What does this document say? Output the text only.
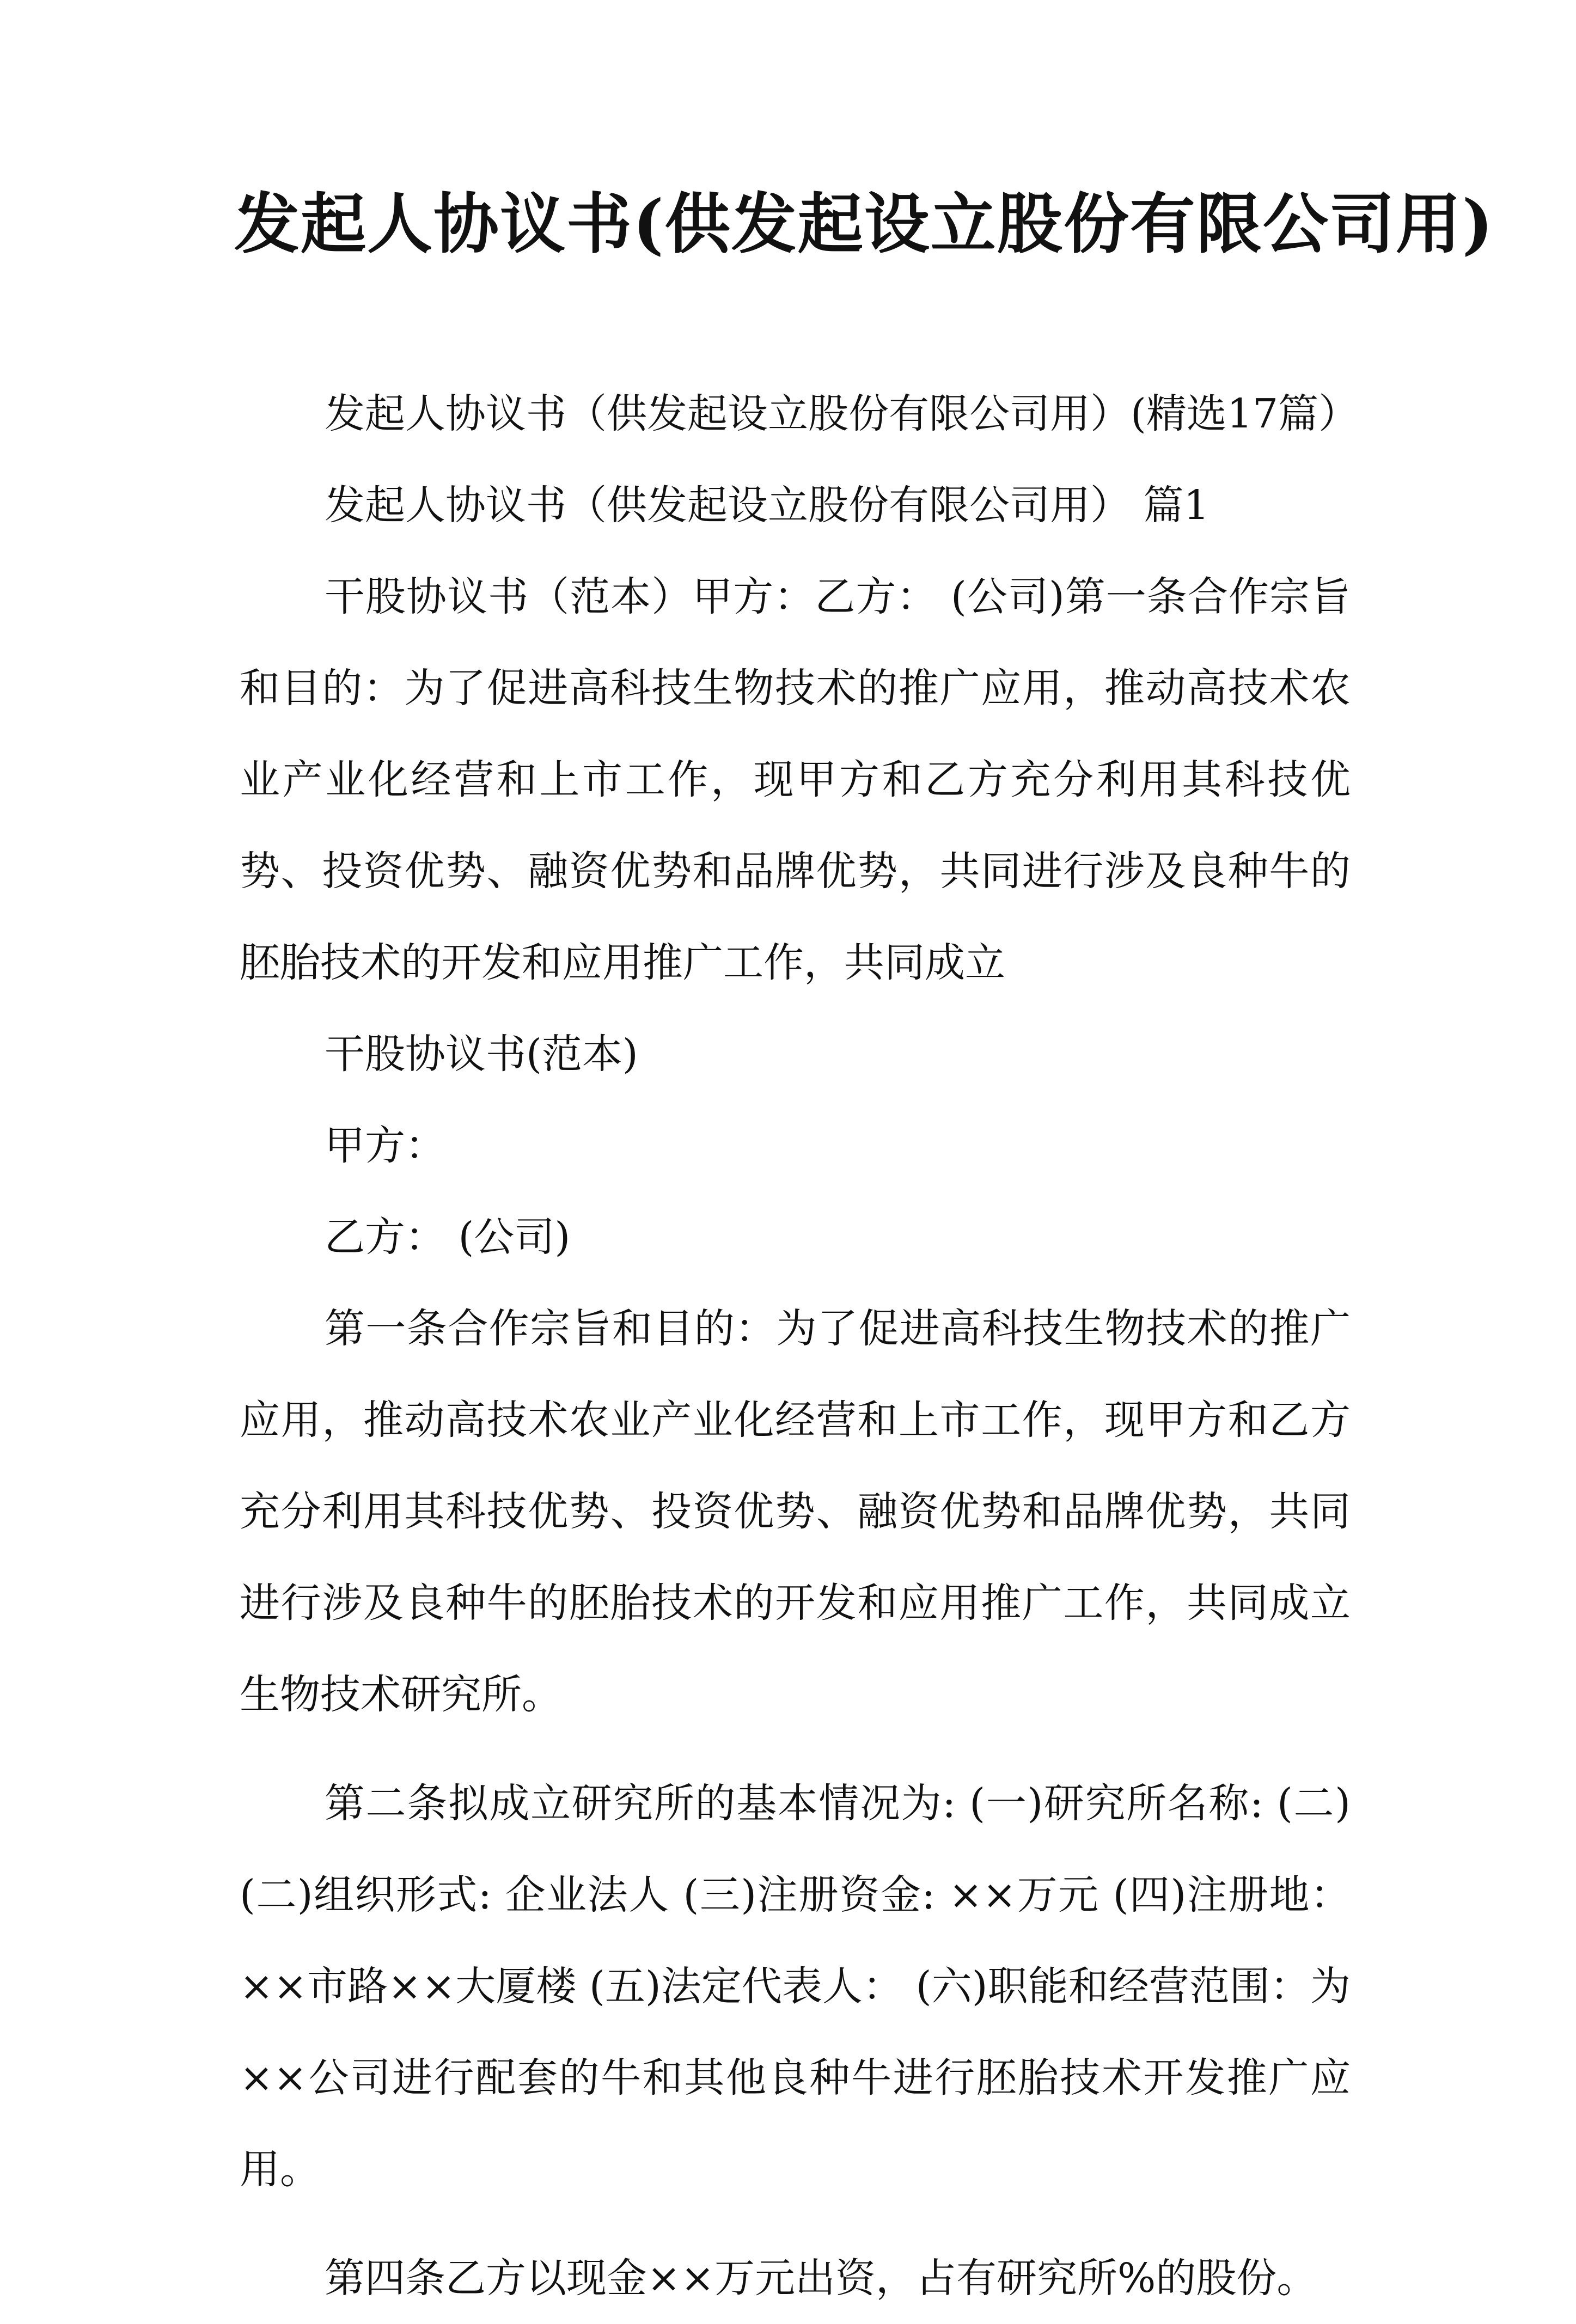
发起人协议书(供发起设立股份有限公司用)

发起人协议书（供发起设立股份有限公司用）(精选17篇）

发起人协议书（供发起设立股份有限公司用） 篇1

干股协议书（范本）甲方：乙方： (公司)第一条合作宗旨和目的：为了促进高科技生物技术的推广应用，推动高技术农业产业化经营和上市工作，现甲方和乙方充分利用其科技优势、投资优势、融资优势和品牌优势，共同进行涉及良种牛的胚胎技术的开发和应用推广工作，共同成立

干股协议书(范本)

甲方：

乙方： (公司)

第一条合作宗旨和目的：为了促进高科技生物技术的推广应用，推动高技术农业产业化经营和上市工作，现甲方和乙方充分利用其科技优势、投资优势、融资优势和品牌优势，共同进行涉及良种牛的胚胎技术的开发和应用推广工作，共同成立生物技术研究所。

第二条拟成立研究所的基本情况为: (一)研究所名称: (二) (二)组织形式: 企业法人 (三)注册资金: ××万元 (四)注册地：××市路××大厦楼 (五)法定代表人： (六)职能和经营范围：为××公司进行配套的牛和其他良种牛进行胚胎技术开发推广应用。

第四条乙方以现金××万元出资，占有研究所%的股份。
